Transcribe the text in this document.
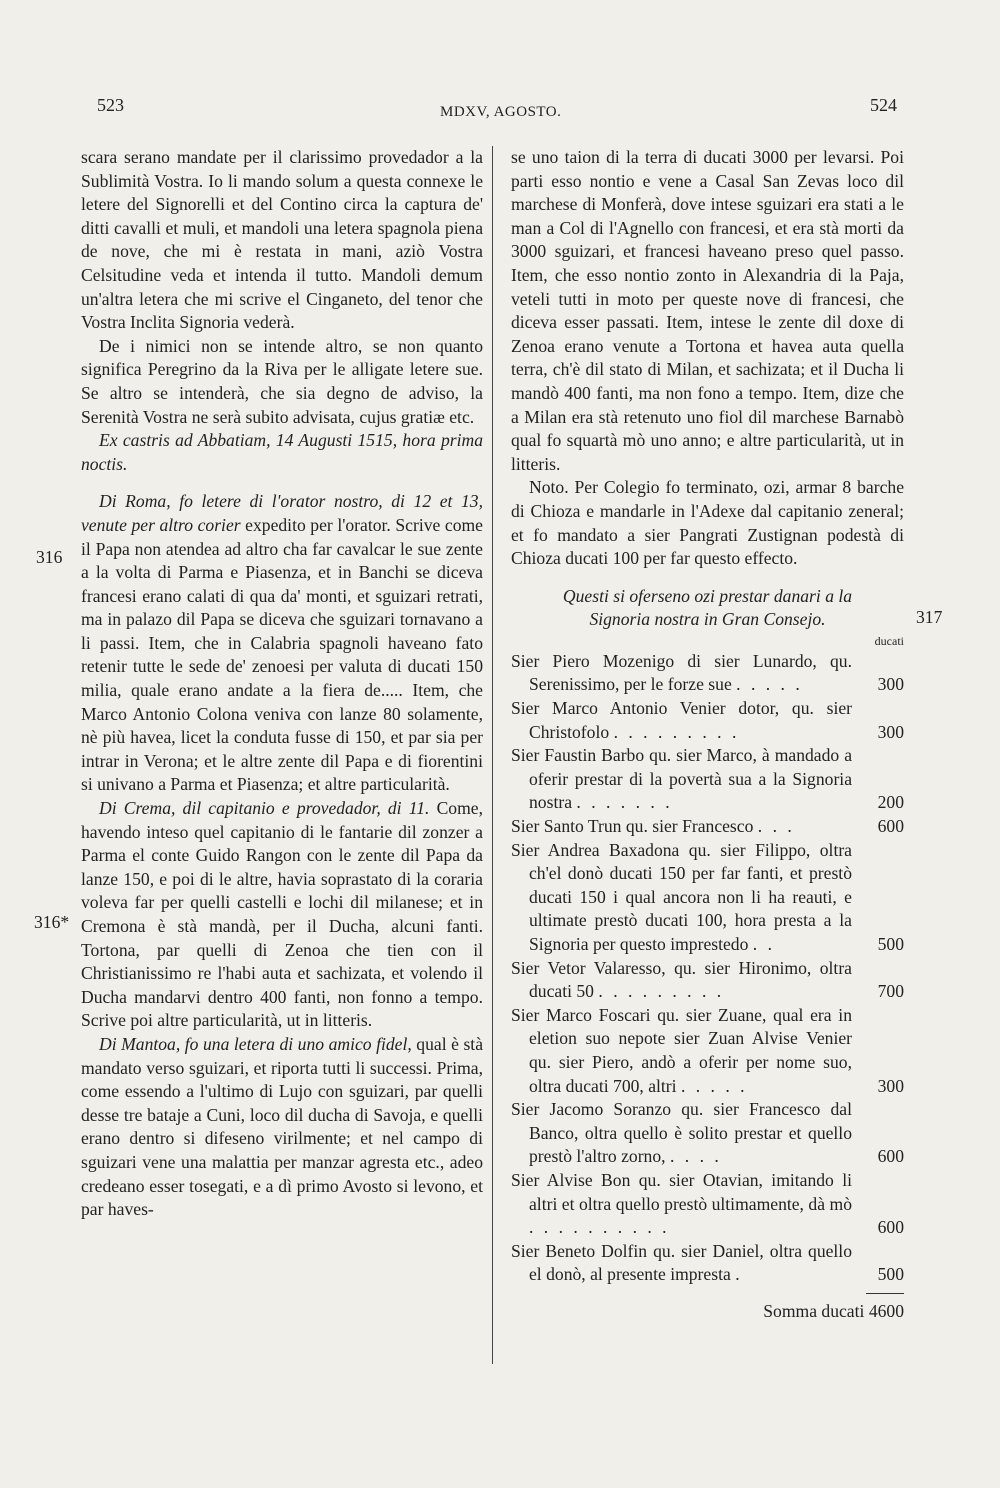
523	MDXV, AGOSTO.	524
316
316*
317

scara serano mandate per il clarissimo provedador a la Sublimità Vostra. Io li mando solum a questa connexe le letere del Signorelli et del Contino circa la captura de' ditti cavalli et muli, et mandoli una letera spagnola piena de nove, che mi è restata in mani, aziò Vostra Celsitudine veda et intenda il tutto. Mandoli demum un'altra letera che mi scrive el Cinganeto, del tenor che Vostra Inclita Signoria vederà.

De i nimici non se intende altro, se non quanto significa Peregrino da la Riva per le alligate letere sue. Se altro se intenderà, che sia degno de adviso, la Serenità Vostra ne serà subito advisata, cujus gratiæ etc.

Ex castris ad Abbatiam, 14 Augusti 1515, hora prima noctis.

Di Roma, fo letere di l'orator nostro, di 12 et 13, venute per altro corier expedito per l'orator. Scrive come il Papa non atendea ad altro cha far cavalcar le sue zente a la volta di Parma e Piasenza, et in Banchi se diceva francesi erano calati di qua da' monti, et sguizari retrati, ma in palazo dil Papa se diceva che sguizari tornavano a li passi. Item, che in Calabria spagnoli haveano fato retenir tutte le sede de' zenoesi per valuta di ducati 150 milia, quale erano andate a la fiera de..... Item, che Marco Antonio Colona veniva con lanze 80 solamente, nè più havea, licet la conduta fusse di 150, et par sia per intrar in Verona; et le altre zente dil Papa e di fiorentini si univano a Parma et Piasenza; et altre particularità.

Di Crema, dil capitanio e provedador, di 11. Come, havendo inteso quel capitanio di le fantarie dil zonzer a Parma el conte Guido Rangon con le zente dil Papa da lanze 150, e poi di le altre, havia soprastato di la coraria voleva far per quelli castelli e lochi dil milanese; et in Cremona è stà mandà, per il Ducha, alcuni fanti. Tortona, par quelli di Zenoa che tien con il Christianissimo re l'habi auta et sachizata, et volendo il Ducha mandarvi dentro 400 fanti, non fonno a tempo. Scrive poi altre particularità, ut in litteris.

Di Mantoa, fo una letera di uno amico fidel, qual è stà mandato verso sguizari, et riporta tutti li successi. Prima, come essendo a l'ultimo di Lujo con sguizari, par quelli desse tre bataje a Cuni, loco dil ducha di Savoja, e quelli erano dentro si difeseno virilmente; et nel campo di sguizari vene una malattia per manzar agresta etc., adeo credeano esser tosegati, e a dì primo Avosto si levono, et par haves-

se uno taion di la terra di ducati 3000 per levarsi. Poi parti esso nontio e vene a Casal San Zevas loco dil marchese di Monferà, dove intese sguizari era stati a le man a Col di l'Agnello con francesi, et era stà morti da 3000 sguizari, et francesi haveano preso quel passo. Item, che esso nontio zonto in Alexandria di la Paja, veteli tutti in moto per queste nove di francesi, che diceva esser passati. Item, intese le zente dil doxe di Zenoa erano venute a Tortona et havea auta quella terra, ch'è dil stato di Milan, et sachizata; et il Ducha li mandò 400 fanti, ma non fono a tempo. Item, dize che a Milan era stà retenuto uno fiol dil marchese Barnabò qual fo squartà mò uno anno; e altre particularità, ut in litteris.

Noto. Per Colegio fo terminato, ozi, armar 8 barche di Chioza e mandarle in l'Adexe dal capitanio zeneral; et fo mandato a sier Pangrati Zustignan podestà di Chioza ducati 100 per far questo effecto.

Questi si oferseno ozi prestar danari a la Signoria nostra in Gran Consejo.

ducati
Sier Piero Mozenigo di sier Lunardo, qu. Serenissimo, per le forze sue . . . . .	300
Sier Marco Antonio Venier dotor, qu. sier Christofolo . . . . . . . . .	300
Sier Faustin Barbo qu. sier Marco, à mandado a oferir prestar di la povertà sua a la Signoria nostra . . . . . . .	200
Sier Santo Trun qu. sier Francesco . . .	600
Sier Andrea Baxadona qu. sier Filippo, oltra ch'el donò ducati 150 per far fanti, et prestò ducati 150 i qual ancora non li ha reauti, e ultimate prestò ducati 100, hora presta a la Signoria per questo imprestedo . .	500
Sier Vetor Valaresso, qu. sier Hironimo, oltra ducati 50 . . . . . . . . .	700
Sier Marco Foscari qu. sier Zuane, qual era in eletion suo nepote sier Zuan Alvise Venier qu. sier Piero, andò a oferir per nome suo, oltra ducati 700, altri . . . . .	300
Sier Jacomo Soranzo qu. sier Francesco dal Banco, oltra quello è solito prestar et quello prestò l'altro zorno, . . . .	600
Sier Alvise Bon qu. sier Otavian, imitando li altri et oltra quello prestò ultimamente, dà mò . . . . . . . . . .	600
Sier Beneto Dolfin qu. sier Daniel, oltra quello el donò, al presente impresta .	500
Somma ducati 4600
